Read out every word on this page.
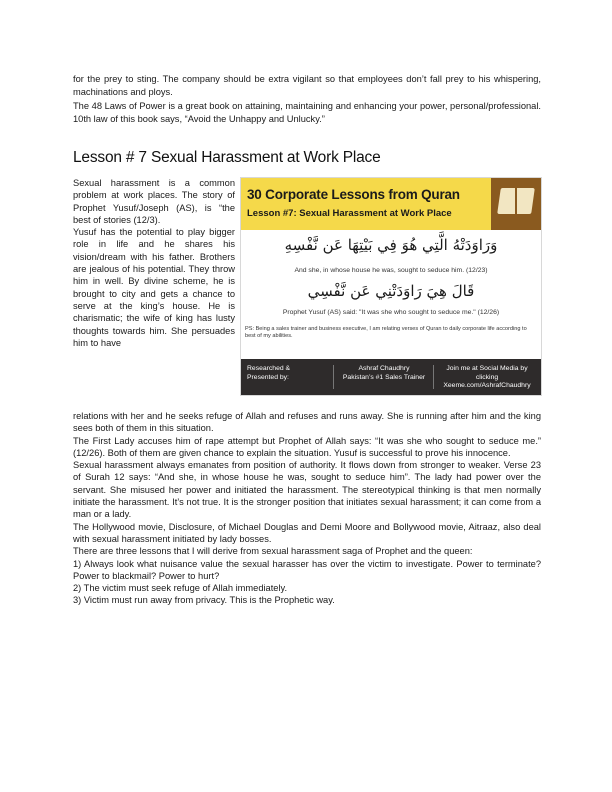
for the prey to sting. The company should be extra vigilant so that employees don’t fall prey to his whispering, machinations and ploys.

The 48 Laws of Power is a great book on attaining, maintaining and enhancing your power, personal/professional. 10th law of this book says, “Avoid the Unhappy and Unlucky.”

Lesson # 7 Sexual Harassment at Work Place

Sexual harassment is a common problem at work places. The story of Prophet Yusuf/Joseph (AS), is “the best of stories (12/3).

Yusuf has the potential to play bigger role in life and he shares his vision/dream with his father. Brothers are jealous of his potential. They throw him in well. By divine scheme, he is brought to city and gets a chance to serve at the king’s house. He is charismatic; the wife of king has lusty thoughts towards him. She persuades him to have

30 Corporate Lessons from Quran
Lesson #7: Sexual Harassment at Work Place
وَرَاوَدَتْهُ الَّتِي هُوَ فِي بَيْتِهَا عَن نَّفْسِهِ
And she, in whose house he was, sought to seduce him. (12/23)
قَالَ هِيَ رَاوَدَتْنِي عَن نَّفْسِي
Prophet Yusuf (AS) said: "It was she who sought to seduce me." (12/26)
PS: Being a sales trainer and business executive, I am relating verses of Quran to daily corporate life according to best of my abilities.
Researched &
Presented by:
Ashraf Chaudhry
Pakistan’s #1 Sales Trainer
Join me at Social Media by clicking
Xeeme.com/AshrafChaudhry

relations with her and he seeks refuge of Allah and refuses and runs away. She is running after him and the king sees both of them in this situation.

The First Lady accuses him of rape attempt but Prophet of Allah says: “It was she who sought to seduce me.” (12/26). Both of them are given chance to explain the situation. Yusuf is successful to prove his innocence.

Sexual harassment always emanates from position of authority. It flows down from stronger to weaker. Verse 23 of Surah 12 says: “And she, in whose house he was, sought to seduce him”. The lady had power over the servant. She misused her power and initiated the harassment. The stereotypical thinking is that men normally initiate the harassment. It’s not true. It is the stronger position that initiates sexual harassment; it can come from a man or a lady.

The Hollywood movie, Disclosure, of Michael Douglas and Demi Moore and Bollywood movie, Aitraaz, also deal with sexual harassment initiated by lady bosses.

There are three lessons that I will derive from sexual harassment saga of Prophet and the queen:

1) Always look what nuisance value the sexual harasser has over the victim to investigate. Power to terminate? Power to blackmail? Power to hurt?

2) The victim must seek refuge of Allah immediately.

3) Victim must run away from privacy. This is the Prophetic way.
